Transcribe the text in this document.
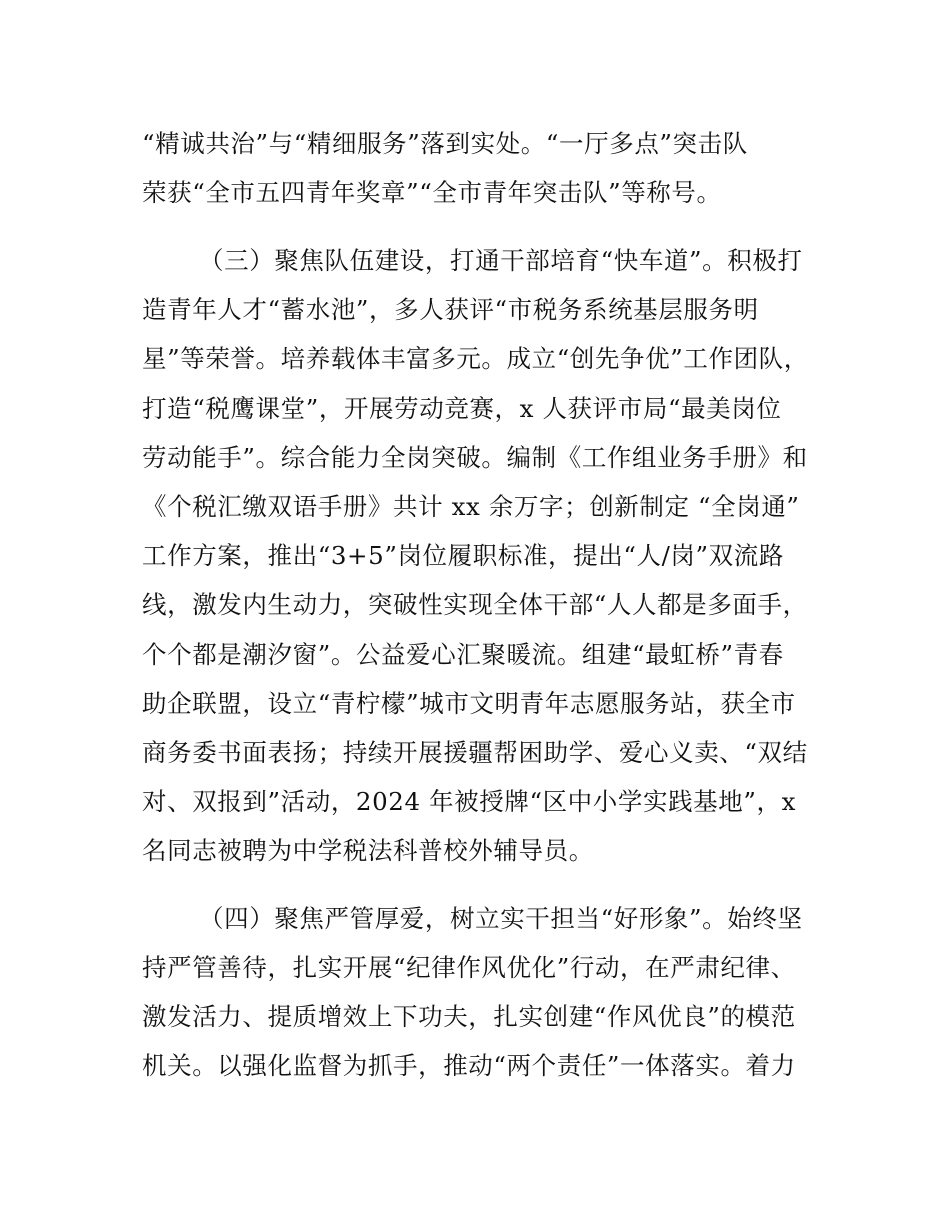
“精诚共治”与“精细服务”落到实处。“一厅多点”突击队

荣获“全市五四青年奖章”“全市青年突击队”等称号。

（三）聚焦队伍建设，打通干部培育“快车道”。积极打

造青年人才“蓄水池”，多人获评“市税务系统基层服务明

星”等荣誉。培养载体丰富多元。成立“创先争优”工作团队，

打造“税鹰课堂”，开展劳动竞赛，x 人获评市局“最美岗位

劳动能手”。综合能力全岗突破。编制《工作组业务手册》和

《个税汇缴双语手册》共计 xx 余万字；创新制定 “全岗通”

工作方案，推出“3+5”岗位履职标准，提出“人/岗”双流路

线，激发内生动力，突破性实现全体干部“人人都是多面手，

个个都是潮汐窗”。公益爱心汇聚暖流。组建“最虹桥”青春

助企联盟，设立“青柠檬”城市文明青年志愿服务站，获全市

商务委书面表扬；持续开展援疆帮困助学、爱心义卖、“双结

对、双报到”活动，2024 年被授牌“区中小学实践基地”，x

名同志被聘为中学税法科普校外辅导员。

（四）聚焦严管厚爱，树立实干担当“好形象”。始终坚

持严管善待，扎实开展“纪律作风优化”行动，在严肃纪律、

激发活力、提质增效上下功夫，扎实创建“作风优良”的模范

机关。以强化监督为抓手，推动“两个责任”一体落实。着力
